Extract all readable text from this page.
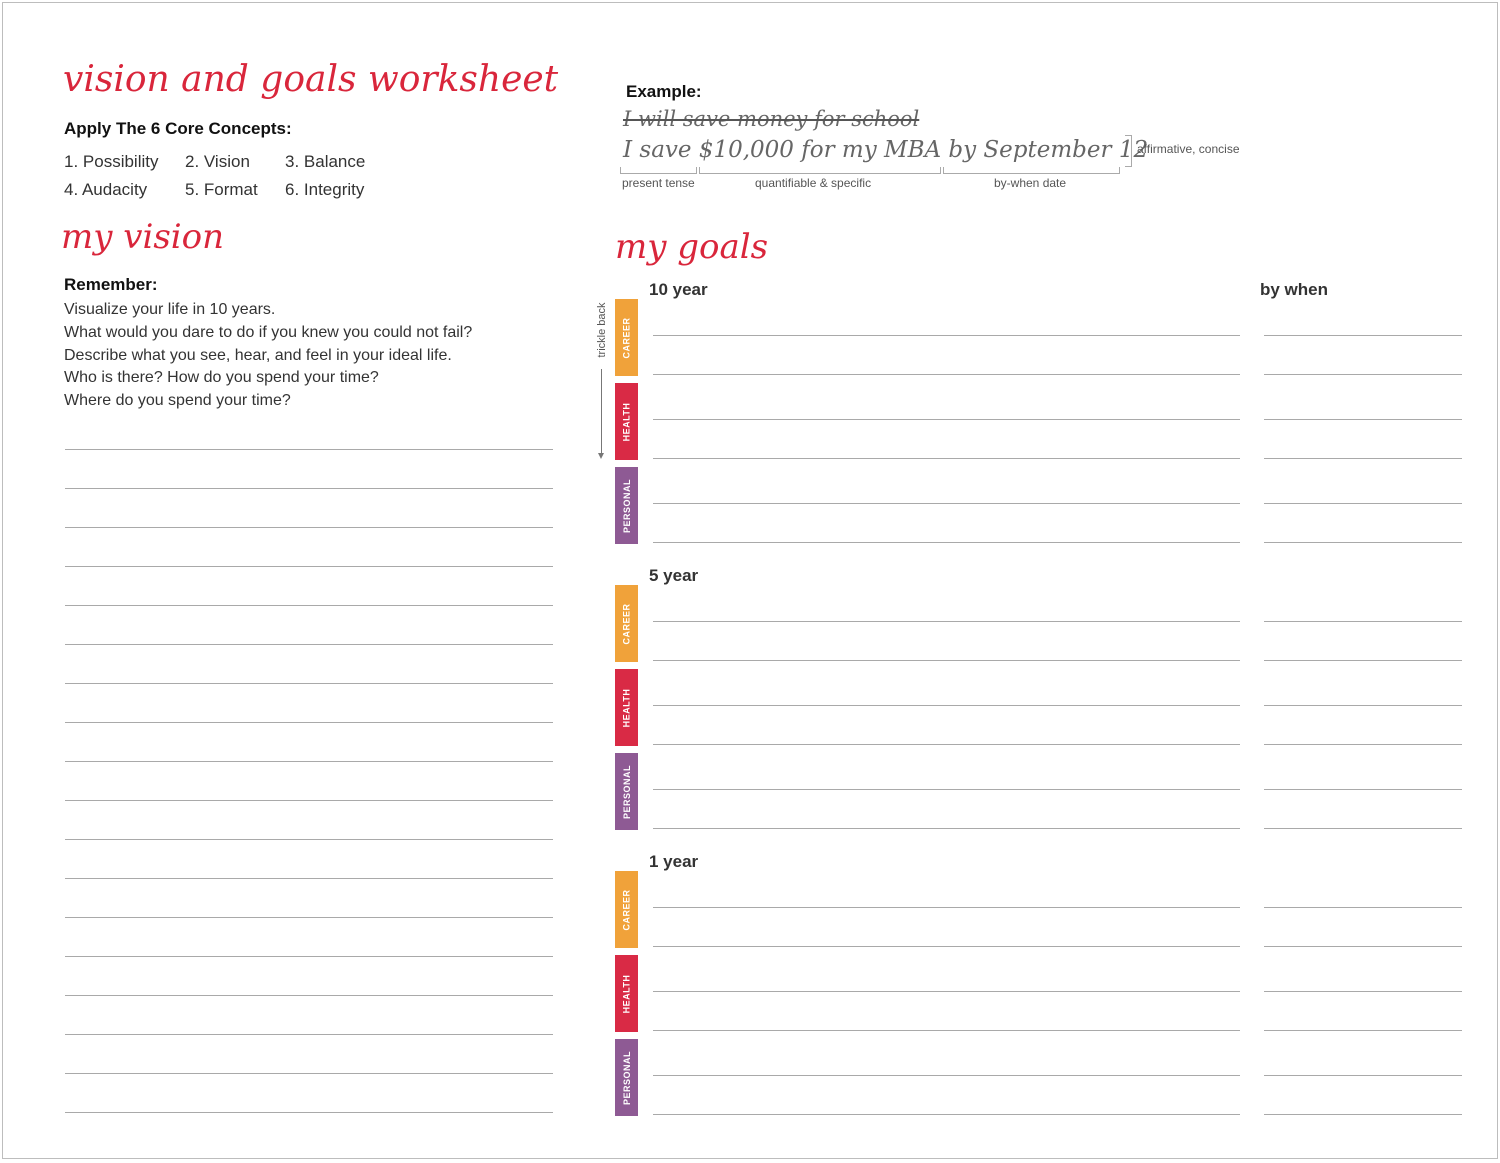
vision and goals worksheet
Apply The 6 Core Concepts:
1. Possibility 2. Vision 3. Balance
4. Audacity 5. Format 6. Integrity
Example:
I will save money for school
I save $10,000 for my MBA by September 12
present tense	quantifiable & specific	by-when date
affirmative, concise
my vision
Remember:
Visualize your life in 10 years.
What would you dare to do if you knew you could not fail?
Describe what you see, hear, and feel in your ideal life.
Who is there? How do you spend your time?
Where do you spend your time?
my goals
by when
trickle back
10 year
CAREER
HEALTH
PERSONAL
5 year
CAREER
HEALTH
PERSONAL
1 year
CAREER
HEALTH
PERSONAL
